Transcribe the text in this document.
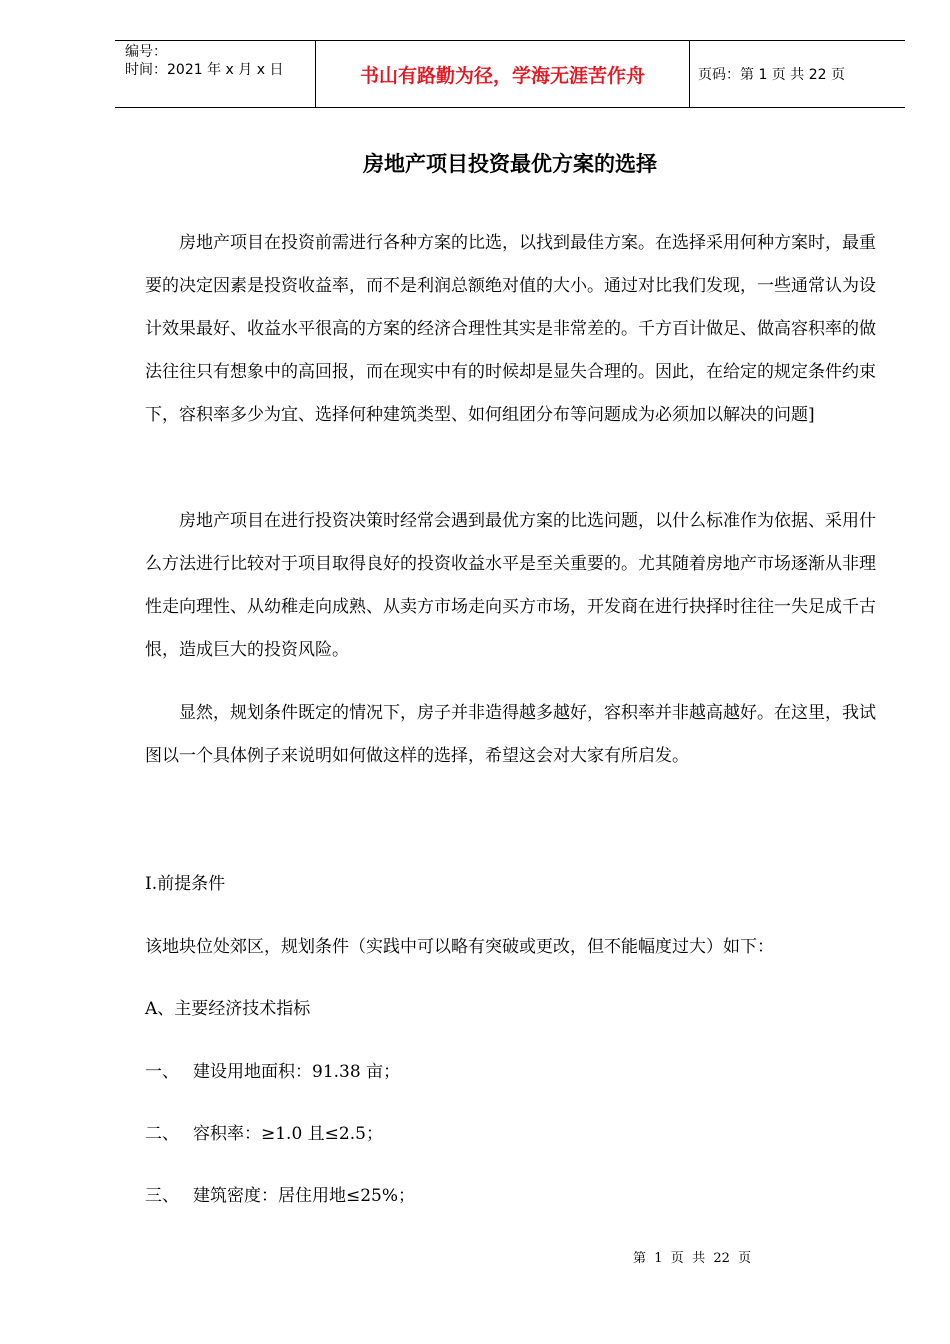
编号：
时间：2021 年 x 月 x 日	书山有路勤为径，学海无涯苦作舟	页码：第 1 页 共 22 页
房地产项目投资最优方案的选择

房地产项目在投资前需进行各种方案的比选，以找到最佳方案。在选择采用何种方案时，最重要的决定因素是投资收益率，而不是利润总额绝对值的大小。通过对比我们发现，一些通常认为设计效果最好、收益水平很高的方案的经济合理性其实是非常差的。千方百计做足、做高容积率的做法往往只有想象中的高回报，而在现实中有的时候却是显失合理的。因此，在给定的规定条件约束下，容积率多少为宜、选择何种建筑类型、如何组团分布等问题成为必须加以解决的问题]

房地产项目在进行投资决策时经常会遇到最优方案的比选问题，以什么标准作为依据、采用什么方法进行比较对于项目取得良好的投资收益水平是至关重要的。尤其随着房地产市场逐渐从非理性走向理性、从幼稚走向成熟、从卖方市场走向买方市场，开发商在进行抉择时往往一失足成千古恨，造成巨大的投资风险。

显然，规划条件既定的情况下，房子并非造得越多越好，容积率并非越高越好。在这里，我试图以一个具体例子来说明如何做这样的选择，希望这会对大家有所启发。

I.前提条件
该地块位处郊区，规划条件（实践中可以略有突破或更改，但不能幅度过大）如下：
A、主要经济技术指标
一、 建设用地面积：91.38 亩；
二、 容积率：≥1.0 且≤2.5；
三、 建筑密度：居住用地≤25%；
第  1  页  共  22  页
